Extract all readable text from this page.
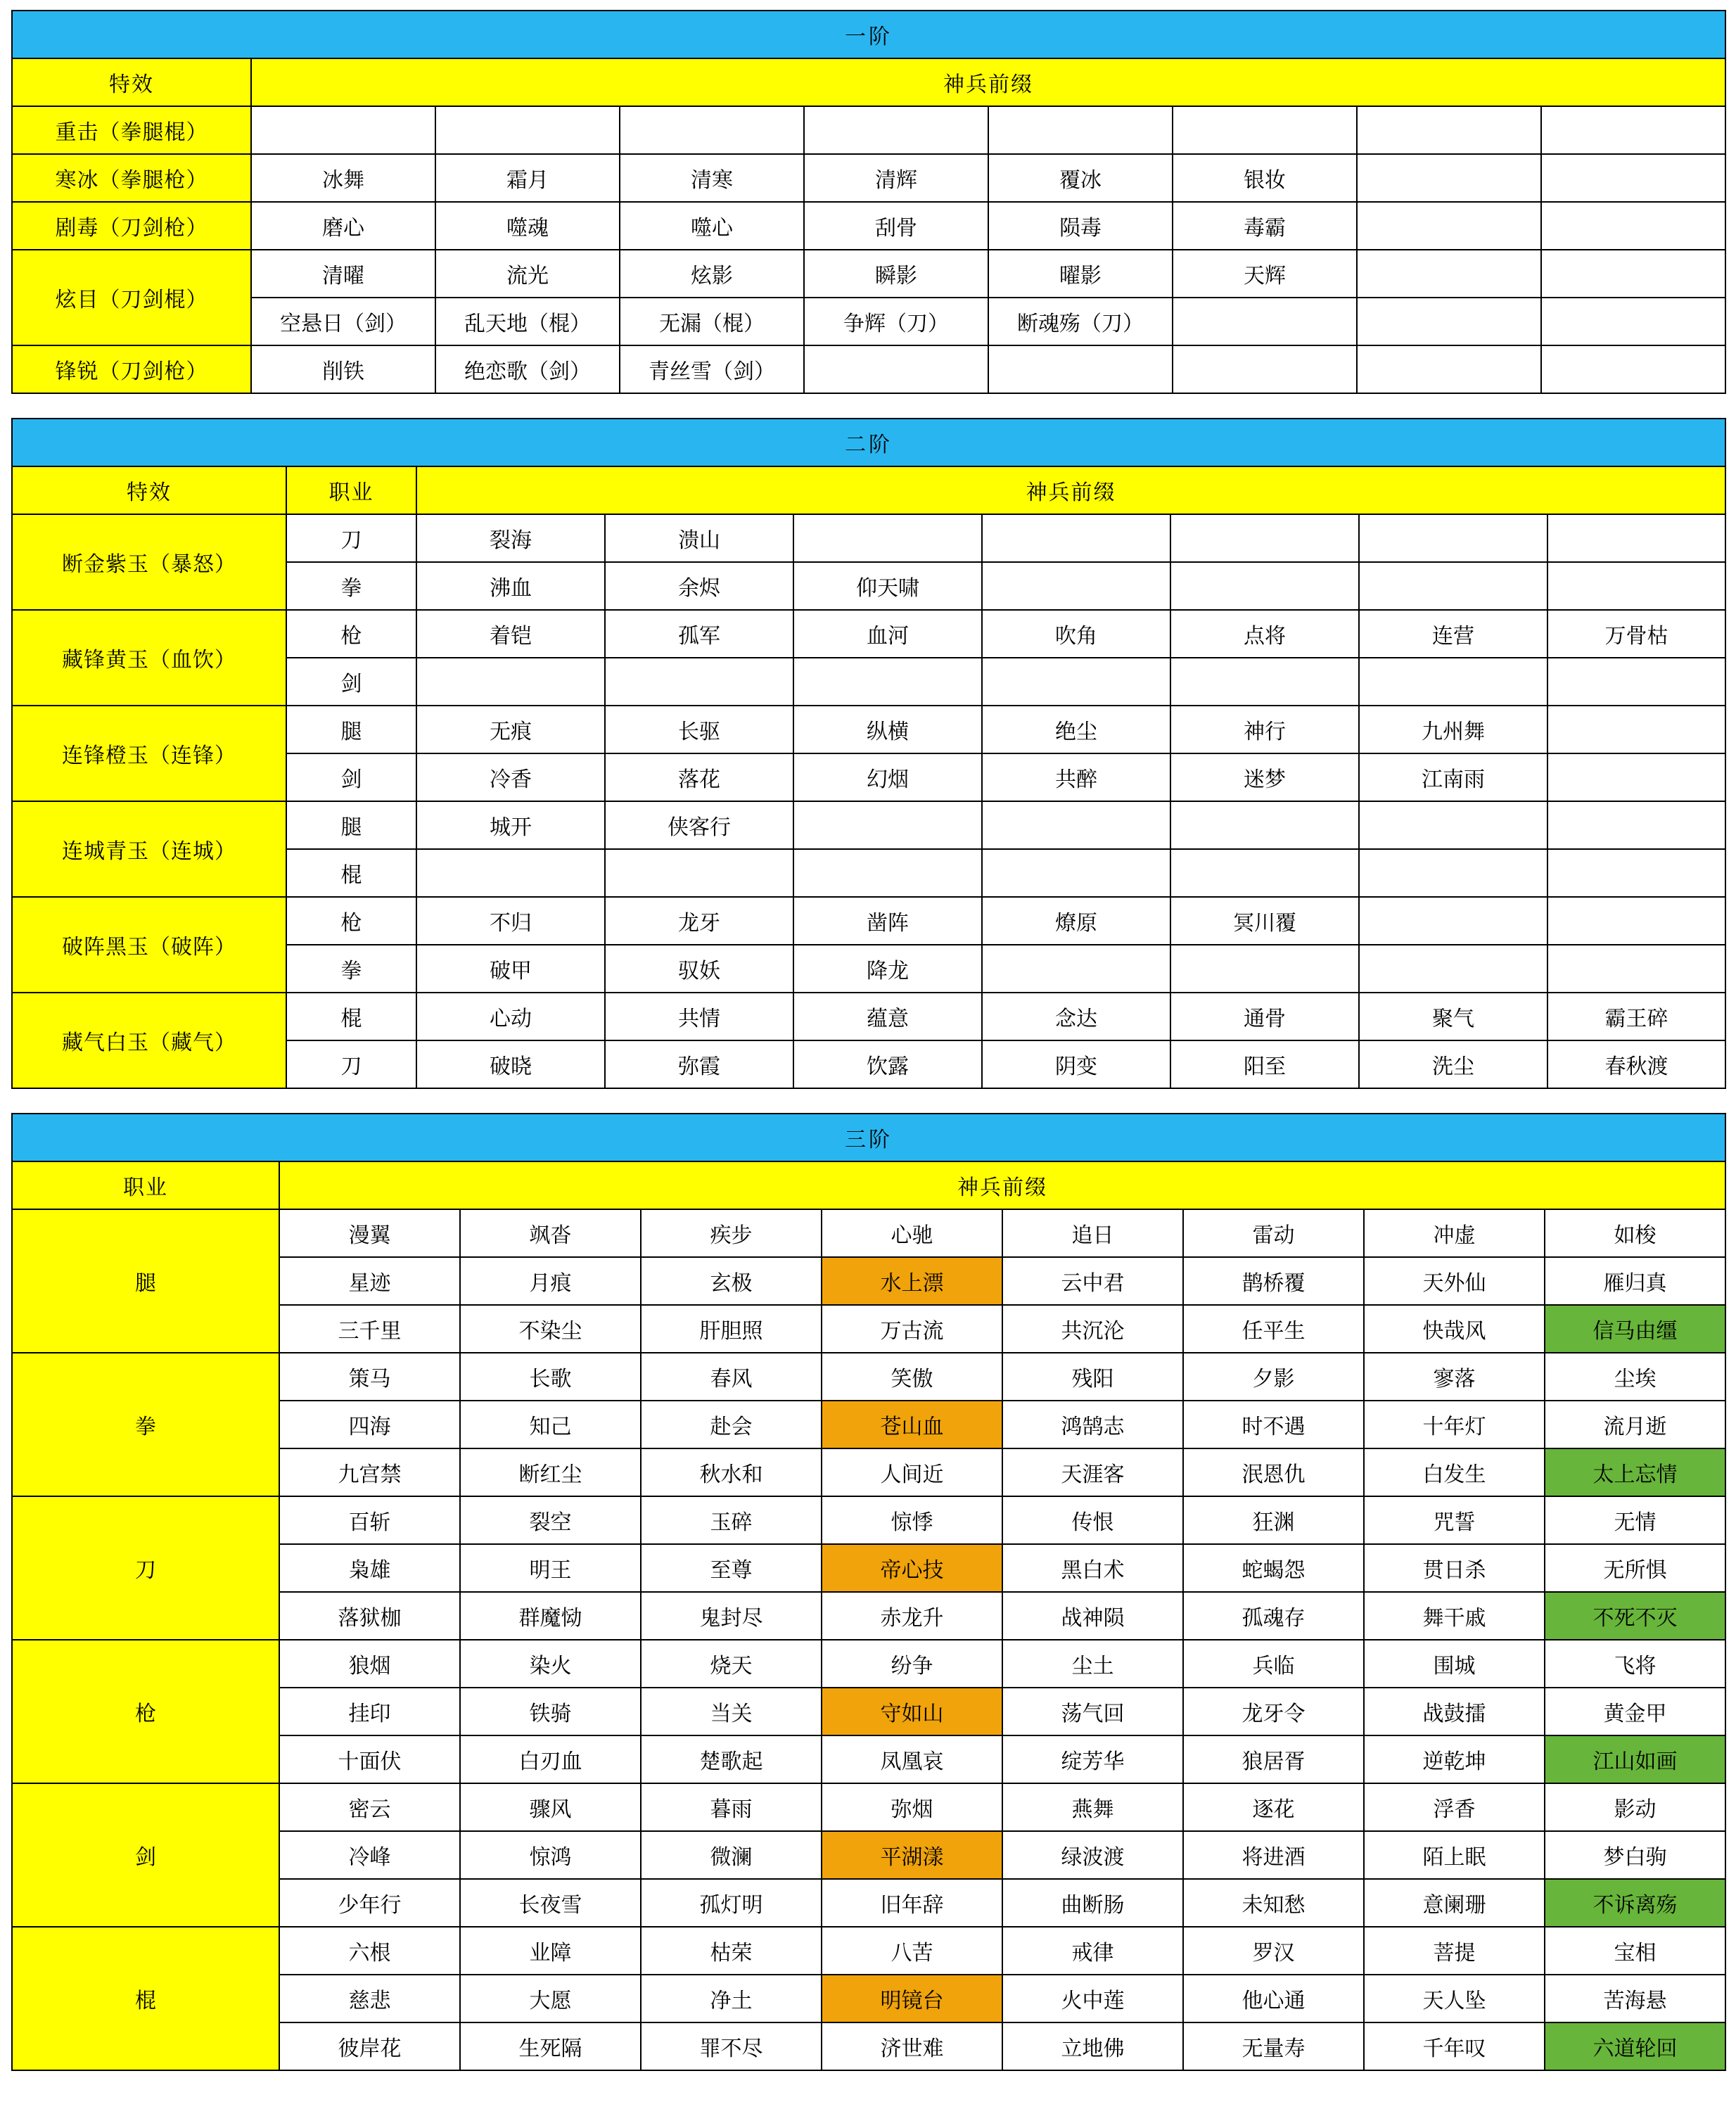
一阶								
特效	神兵前缀							
重击（拳腿棍）								
寒冰（拳腿枪）	冰舞	霜月	清寒	清辉	覆冰	银妆		
剧毒（刀剑枪）	磨心	噬魂	噬心	刮骨	陨毒	毒霸		
炫目（刀剑棍）	清曜	流光	炫影	瞬影	曜影	天辉		
	空悬日（剑）	乱天地（棍）	无漏（棍）	争辉（刀）	断魂殇（刀）			
锋锐（刀剑枪）	削铁	绝恋歌（剑）	青丝雪（剑）					
二阶								
特效	职业	神兵前缀						
断金紫玉（暴怒）	刀	裂海	溃山					
	拳	沸血	余烬	仰天啸				
藏锋黄玉（血饮）	枪	着铠	孤军	血河	吹角	点将	连营	万骨枯
	剑							
连锋橙玉（连锋）	腿	无痕	长驱	纵横	绝尘	神行	九州舞	
	剑	冷香	落花	幻烟	共醉	迷梦	江南雨	
连城青玉（连城）	腿	城开	侠客行					
	棍							
破阵黑玉（破阵）	枪	不归	龙牙	凿阵	燎原	冥川覆		
	拳	破甲	驭妖	降龙				
藏气白玉（藏气）	棍	心动	共情	蕴意	念达	通骨	聚气	霸王碎
	刀	破晓	弥霞	饮露	阴变	阳至	洗尘	春秋渡
三阶								
职业	神兵前缀							
腿	漫翼	飒沓	疾步	心驰	追日	雷动	冲虚	如梭
	星迹	月痕	玄极	水上漂	云中君	鹊桥覆	天外仙	雁归真
	三千里	不染尘	肝胆照	万古流	共沉沦	任平生	快哉风	信马由缰
拳	策马	长歌	春风	笑傲	残阳	夕影	寥落	尘埃
	四海	知己	赴会	苍山血	鸿鹄志	时不遇	十年灯	流月逝
	九宫禁	断红尘	秋水和	人间近	天涯客	泯恩仇	白发生	太上忘情
刀	百斩	裂空	玉碎	惊悸	传恨	狂渊	咒誓	无情
	枭雄	明王	至尊	帝心技	黑白术	蛇蝎怨	贯日杀	无所惧
	落狱枷	群魔恸	鬼封尽	赤龙升	战神陨	孤魂存	舞干戚	不死不灭
枪	狼烟	染火	烧天	纷争	尘土	兵临	围城	飞将
	挂印	铁骑	当关	守如山	荡气回	龙牙令	战鼓擂	黄金甲
	十面伏	白刃血	楚歌起	凤凰哀	绽芳华	狼居胥	逆乾坤	江山如画
剑	密云	骤风	暮雨	弥烟	燕舞	逐花	浮香	影动
	冷峰	惊鸿	微澜	平湖漾	绿波渡	将进酒	陌上眠	梦白驹
	少年行	长夜雪	孤灯明	旧年辞	曲断肠	未知愁	意阑珊	不诉离殇
棍	六根	业障	枯荣	八苦	戒律	罗汉	菩提	宝相
	慈悲	大愿	净土	明镜台	火中莲	他心通	天人坠	苦海悬
	彼岸花	生死隔	罪不尽	济世难	立地佛	无量寿	千年叹	六道轮回
